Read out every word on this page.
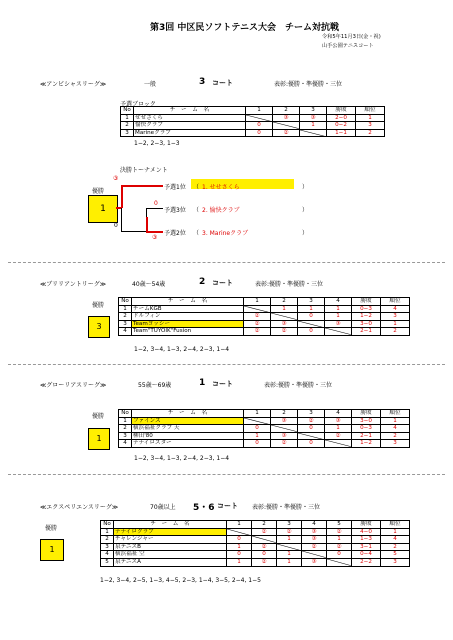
第3回 中区民ソフトテニス大会　チーム対抗戦
令和5年11月3日(金・祝)
山手公園テニスコート
≪アンビシャスリーグ≫	一般	3 コート	表彰:優勝・準優勝・三位
予選ブロック
No	チ　ー　ム　名	1	2	3	勝敗	順位
1	せせさくら		③	③	2−0	1
2	愉快クラブ	0		1	0−2	3
3	Marineクラブ	0	②		1−1	2
1−2, 2−3, 1−3
決勝トーナメント
優勝
1
③
0
0
③
予選1位 （ 1. せせさくら	）
予選3位 （ 2. 愉快クラブ	）
予選2位 （ 3. Marineクラブ	）
≪ブリリアントリーグ≫	40歳～54歳	2 コート	表彰:優勝・準優勝・三位
優勝
3
No	チ　ー　ム　名	1	2	3	4	勝敗	順位
1	チームKGB		1	1	1	0−3	4
2	ドルフィン	②		0	1	1−2	3
3	Teamヨッシー	②	③		③	3−0	1
4	Team"TUYOIK"Fusion	②	②	0		2−1	2
1−2, 3−4, 1−3, 2−4, 2−3, 1−4
≪グローリアスリーグ≫	55歳～69歳	1 コート	表彰:優勝・準優勝・三位
優勝
1
No	チ　ー　ム　名	1	2	3	4	勝敗	順位
1	ファインズ		③	②	③	3−0	1
2	横浜福祉クラブ 天	0		0	1	0−3	4
3	柳田'80	1	③		②	2−1	2
4	ナナイロスター	0	②	0		1−2	3
1−2, 3−4, 1−3, 2−4, 2−3, 1−4
≪エクスペリエンスリーグ≫	70歳以上 5・6 コート 表彰:優勝・準優勝・三位
優勝
1
No	チ　ー　ム　名	1	2	3	4	5	勝敗	順位
1	ナナイロクラブ		②	②	③	②	4−0	1
2	チャレンジャー	0		1	③	1	1−3	4
3	泉テニスB	1	②		②	②	3−1	2
4	横浜福祉 空	0	0	1		0	0−4	5
5	泉テニスA	1	②	1	③		2−2	3
1−2, 3−4, 2−5, 1−3, 4−5, 2−3, 1−4, 3−5, 2−4, 1−5
